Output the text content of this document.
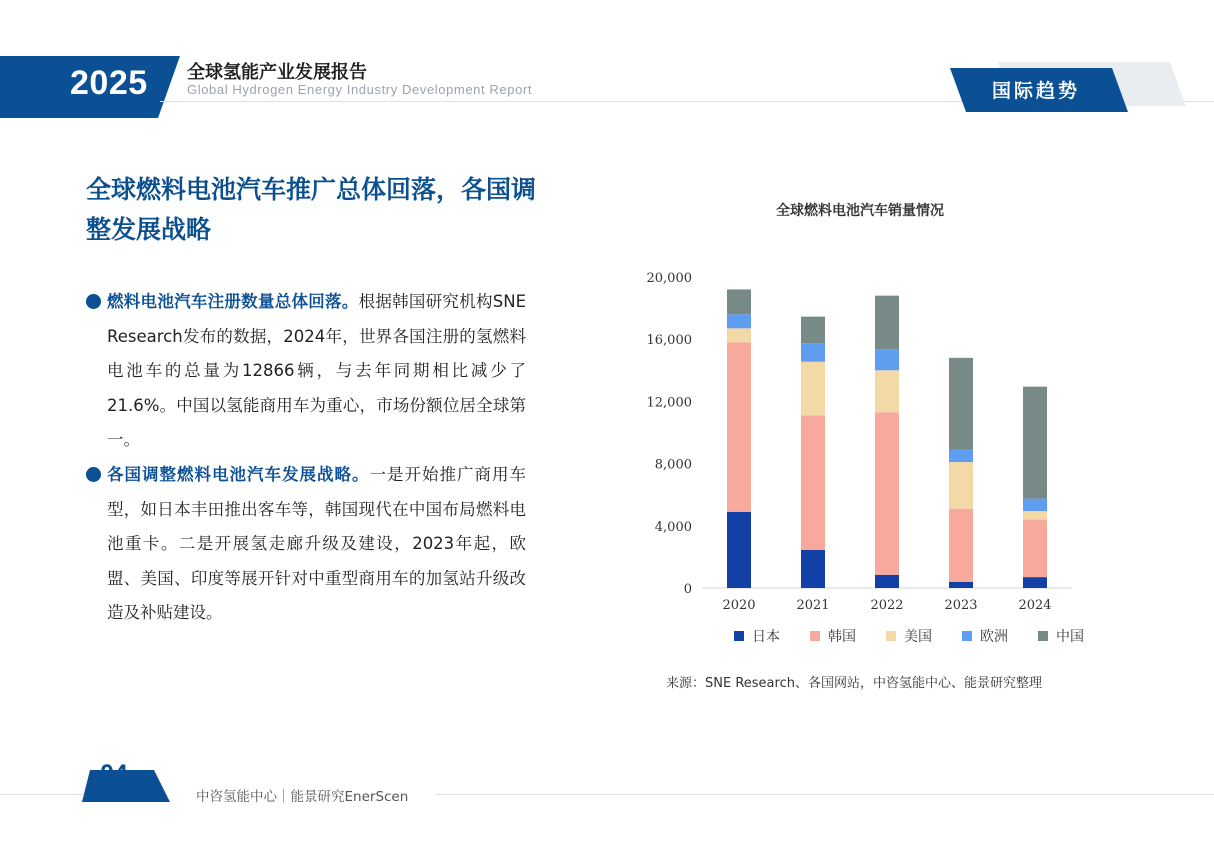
2025 全球氢能产业发展报告
Global Hydrogen Energy Industry Development Report	国际趋势
全球燃料电池汽车推广总体回落，各国调整发展战略
燃料电池汽车注册数量总体回落。根据韩国研究机构SNE Research发布的数据，2024年，世界各国注册的氢燃料电池车的总量为12866辆，与去年同期相比减少了21.6%。中国以氢能商用车为重心，市场份额位居全球第一。
各国调整燃料电池汽车发展战略。一是开始推广商用车型，如日本丰田推出客车等，韩国现代在中国布局燃料电池重卡。二是开展氢走廊升级及建设，2023年起，欧盟、美国、印度等展开针对中重型商用车的加氢站升级改造及补贴建设。
全球燃料电池汽车销量情况
0
4,000
8,000
12,000
16,000
20,000
2020	2021	2022	2023	2024
日本	韩国	美国	欧洲	中国
来源：SNE Research、各国网站，中咨氢能中心、能景研究整理
04
中咨氢能中心｜能景研究EnerScen
